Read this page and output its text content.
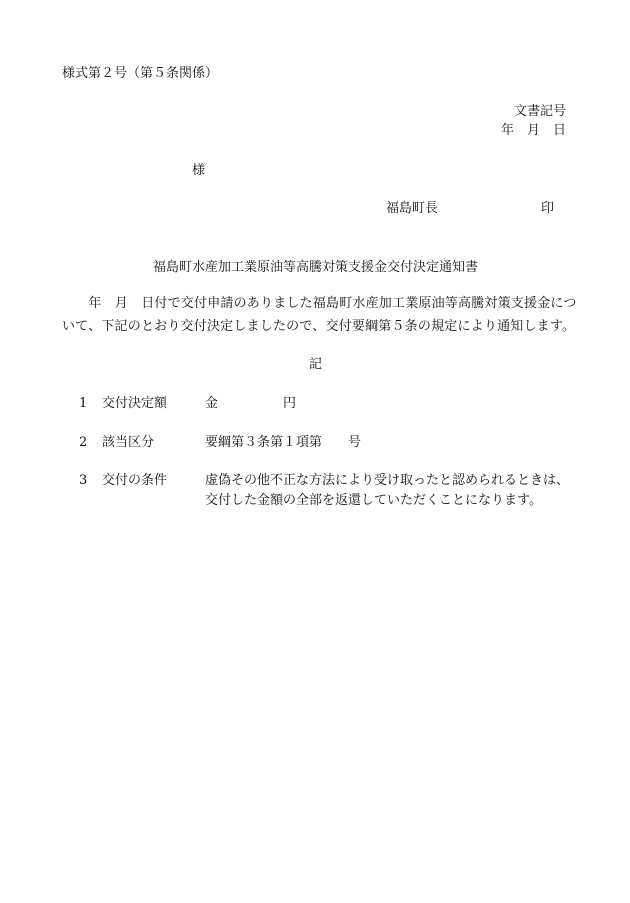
様式第２号（第５条関係）
文書記号
年　月　日
様
福島町長	印
福島町水産加工業原油等高騰対策支援金交付決定通知書
　　年　月　日付で交付申請のありました福島町水産加工業原油等高騰対策支援金につ
いて、下記のとおり交付決定しましたので、交付要綱第５条の規定により通知します。
記
1 交付決定額	金　　　　　円
2 該当区分	要綱第３条第１項第　　号
3 交付の条件	虚偽その他不正な方法により受け取ったと認められるときは、
交付した金額の全部を返還していただくことになります。
